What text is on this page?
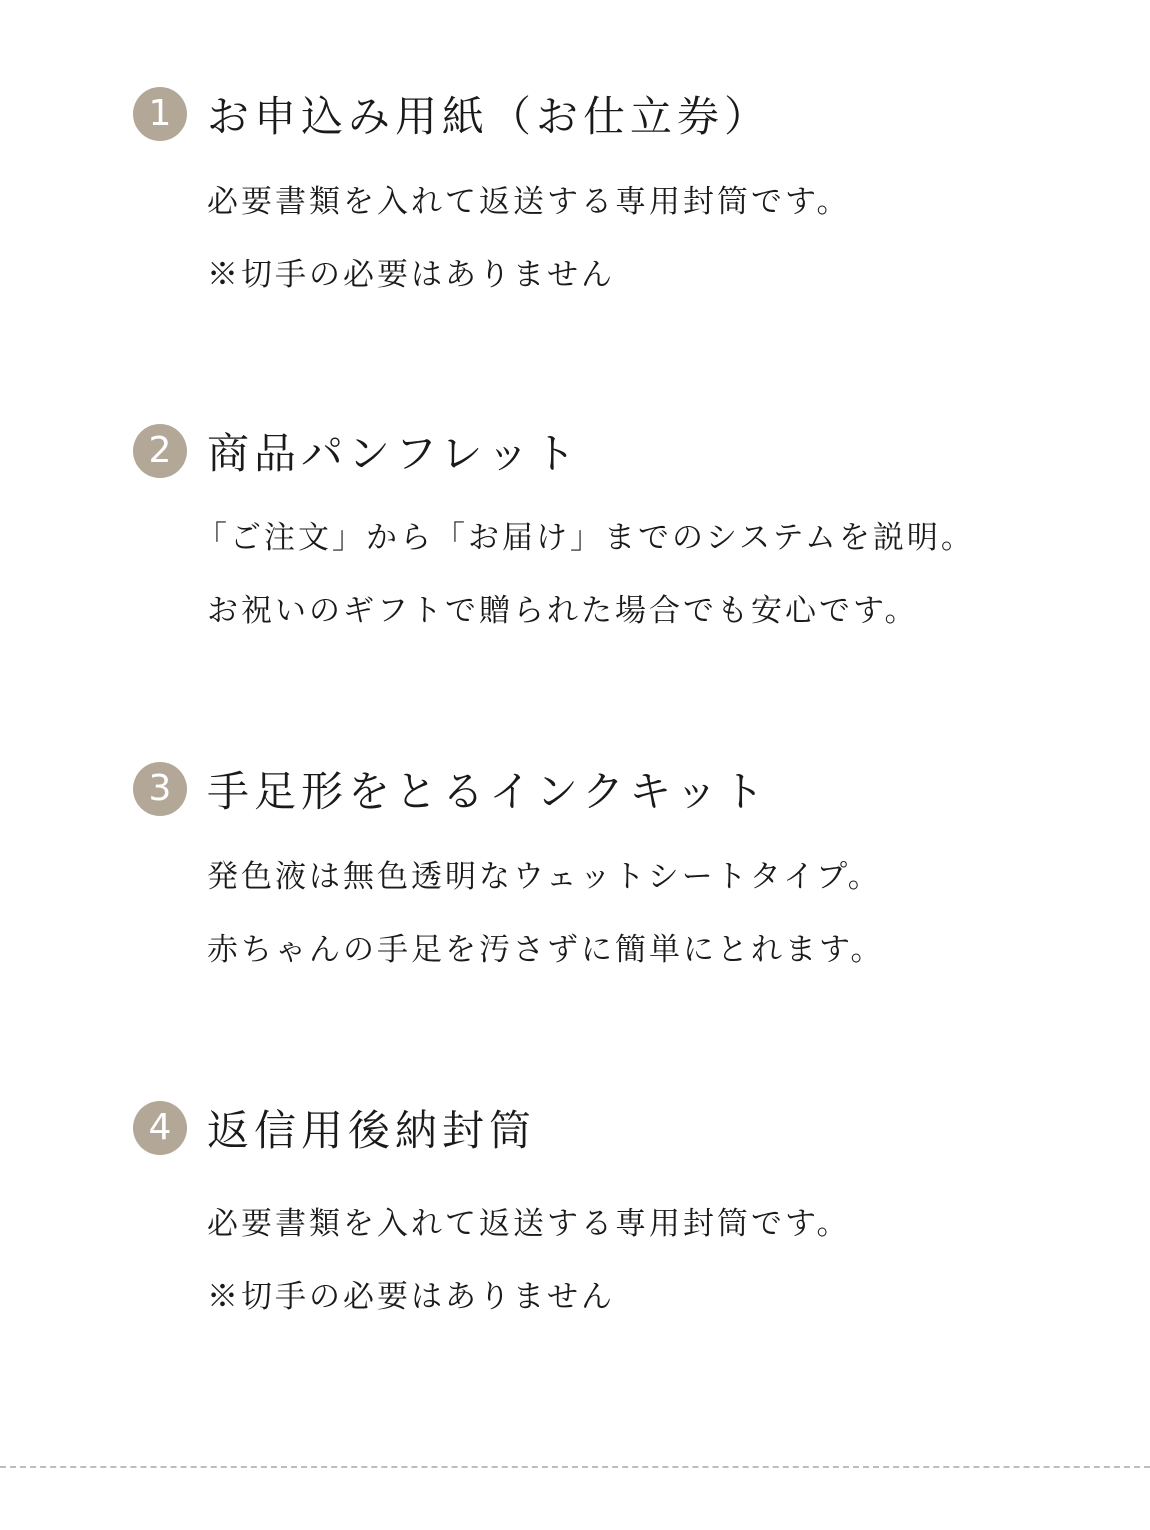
1 お申込み用紙（お仕立券）
必要書類を入れて返送する専用封筒です。
※切手の必要はありません
2 商品パンフレット
「ご注文」から「お届け」までのシステムを説明。
お祝いのギフトで贈られた場合でも安心です。
3 手足形をとるインクキット
発色液は無色透明なウェットシートタイプ。
赤ちゃんの手足を汚さずに簡単にとれます。
4 返信用後納封筒
必要書類を入れて返送する専用封筒です。
※切手の必要はありません
